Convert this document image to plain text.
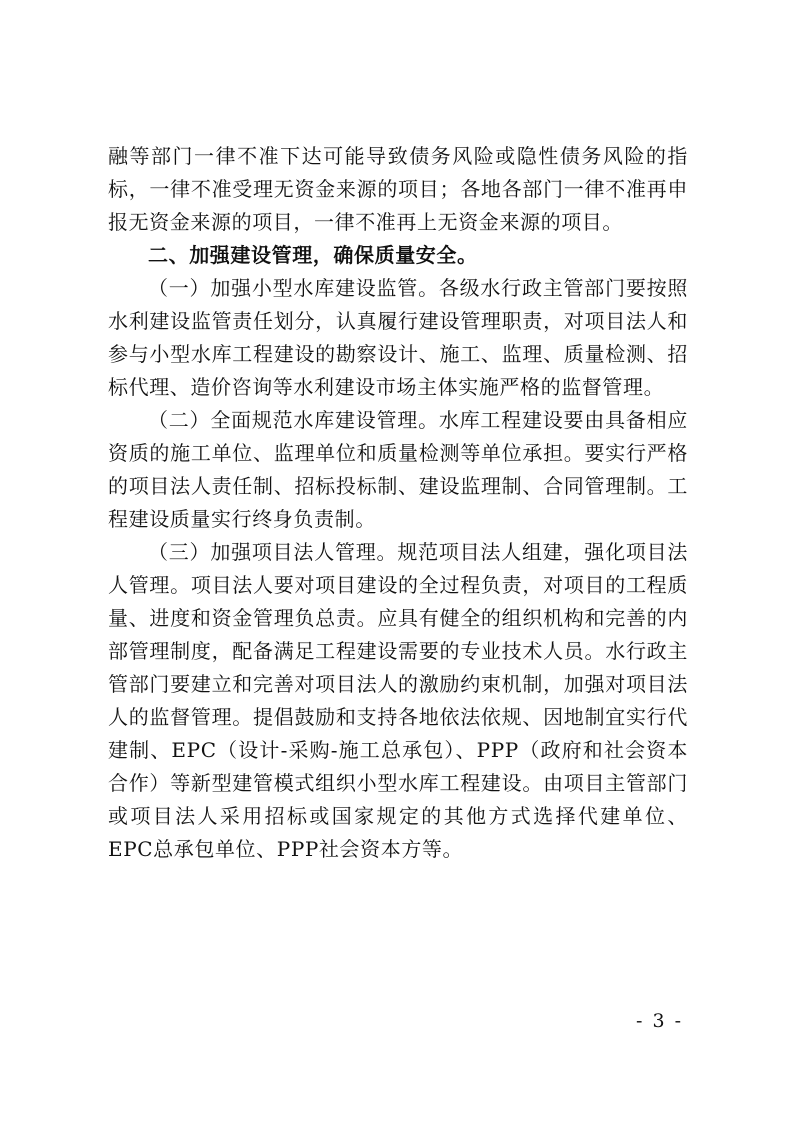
融等部门一律不准下达可能导致债务风险或隐性债务风险的指标，一律不准受理无资金来源的项目；各地各部门一律不准再申报无资金来源的项目，一律不准再上无资金来源的项目。

二、加强建设管理，确保质量安全。

（一）加强小型水库建设监管。各级水行政主管部门要按照水利建设监管责任划分，认真履行建设管理职责，对项目法人和参与小型水库工程建设的勘察设计、施工、监理、质量检测、招标代理、造价咨询等水利建设市场主体实施严格的监督管理。

（二）全面规范水库建设管理。水库工程建设要由具备相应资质的施工单位、监理单位和质量检测等单位承担。要实行严格的项目法人责任制、招标投标制、建设监理制、合同管理制。工程建设质量实行终身负责制。

（三）加强项目法人管理。规范项目法人组建，强化项目法人管理。项目法人要对项目建设的全过程负责，对项目的工程质量、进度和资金管理负总责。应具有健全的组织机构和完善的内部管理制度，配备满足工程建设需要的专业技术人员。水行政主管部门要建立和完善对项目法人的激励约束机制，加强对项目法人的监督管理。提倡鼓励和支持各地依法依规、因地制宜实行代建制、EPC（设计-采购-施工总承包）、PPP（政府和社会资本合作）等新型建管模式组织小型水库工程建设。由项目主管部门或项目法人采用招标或国家规定的其他方式选择代建单位、EPC总承包单位、PPP社会资本方等。

- 3 -
